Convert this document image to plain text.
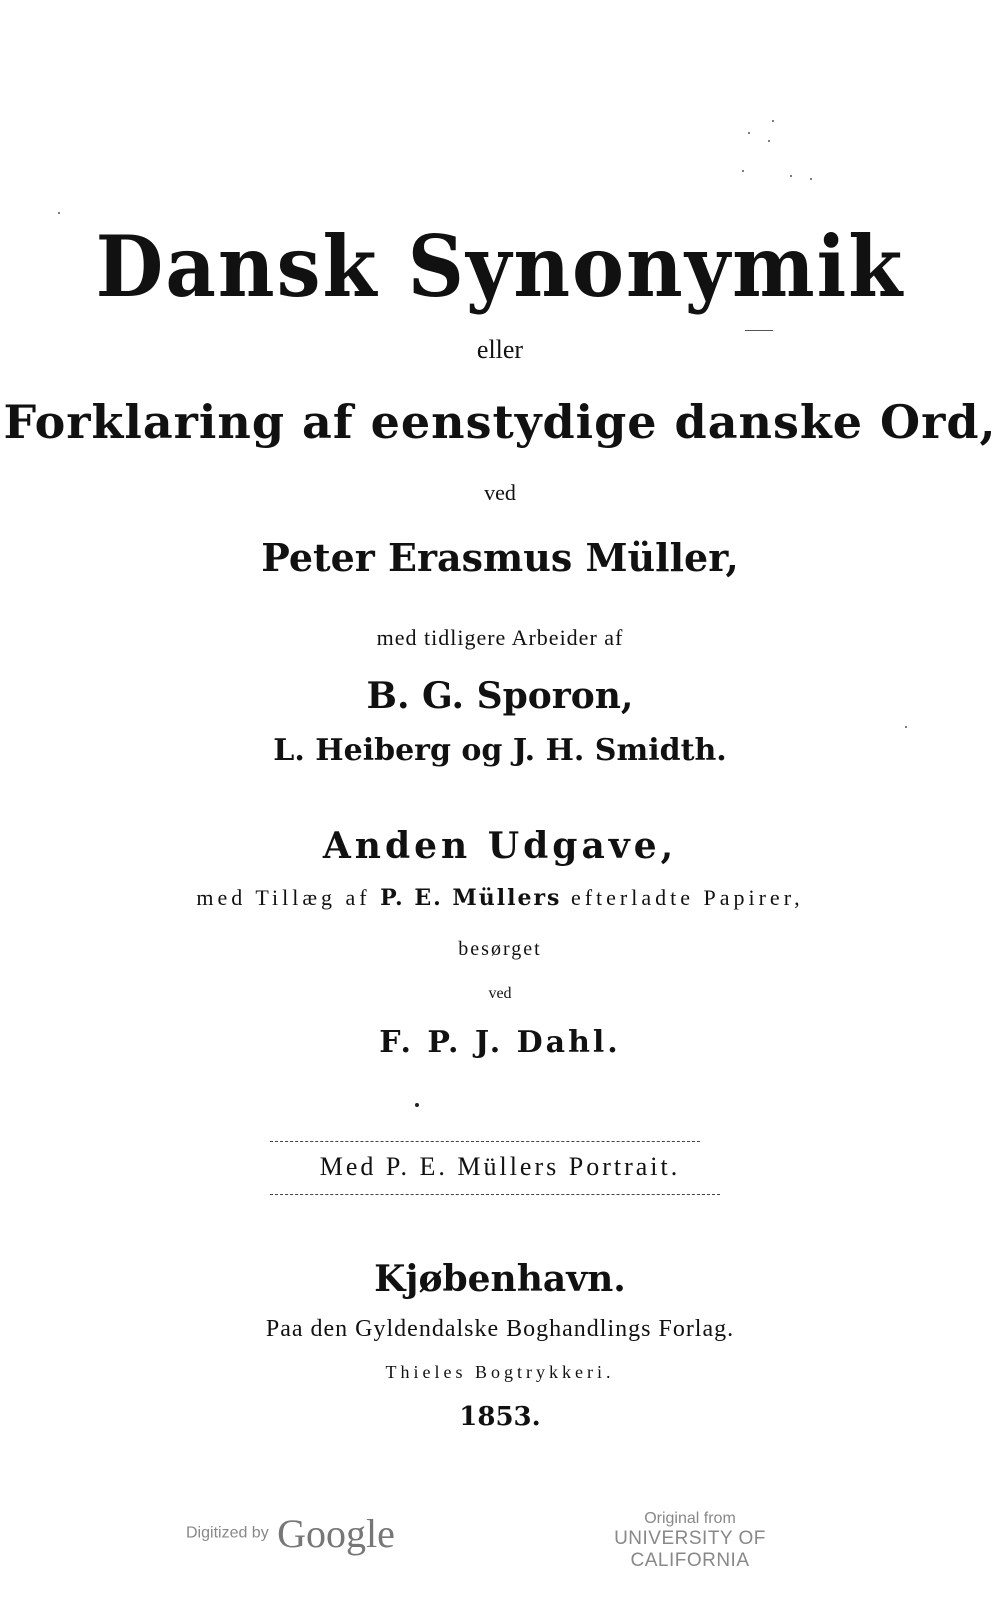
Dansk Synonymik
eller
Forklaring af eenstydige danske Ord,
ved
Peter Erasmus Müller,
med tidligere Arbeider af
B. G. Sporon,
L. Heiberg og J. H. Smidth.
Anden Udgave,
med Tillæg af P. E. Müllers efterladte Papirer,
besørget
ved
F. P. J. Dahl.
Med P. E. Müllers Portrait.
Kjøbenhavn.
Paa den Gyldendalske Boghandlings Forlag.
Thieles Bogtrykkeri.
1853.
Digitized by Google	Original from
UNIVERSITY OF CALIFORNIA
